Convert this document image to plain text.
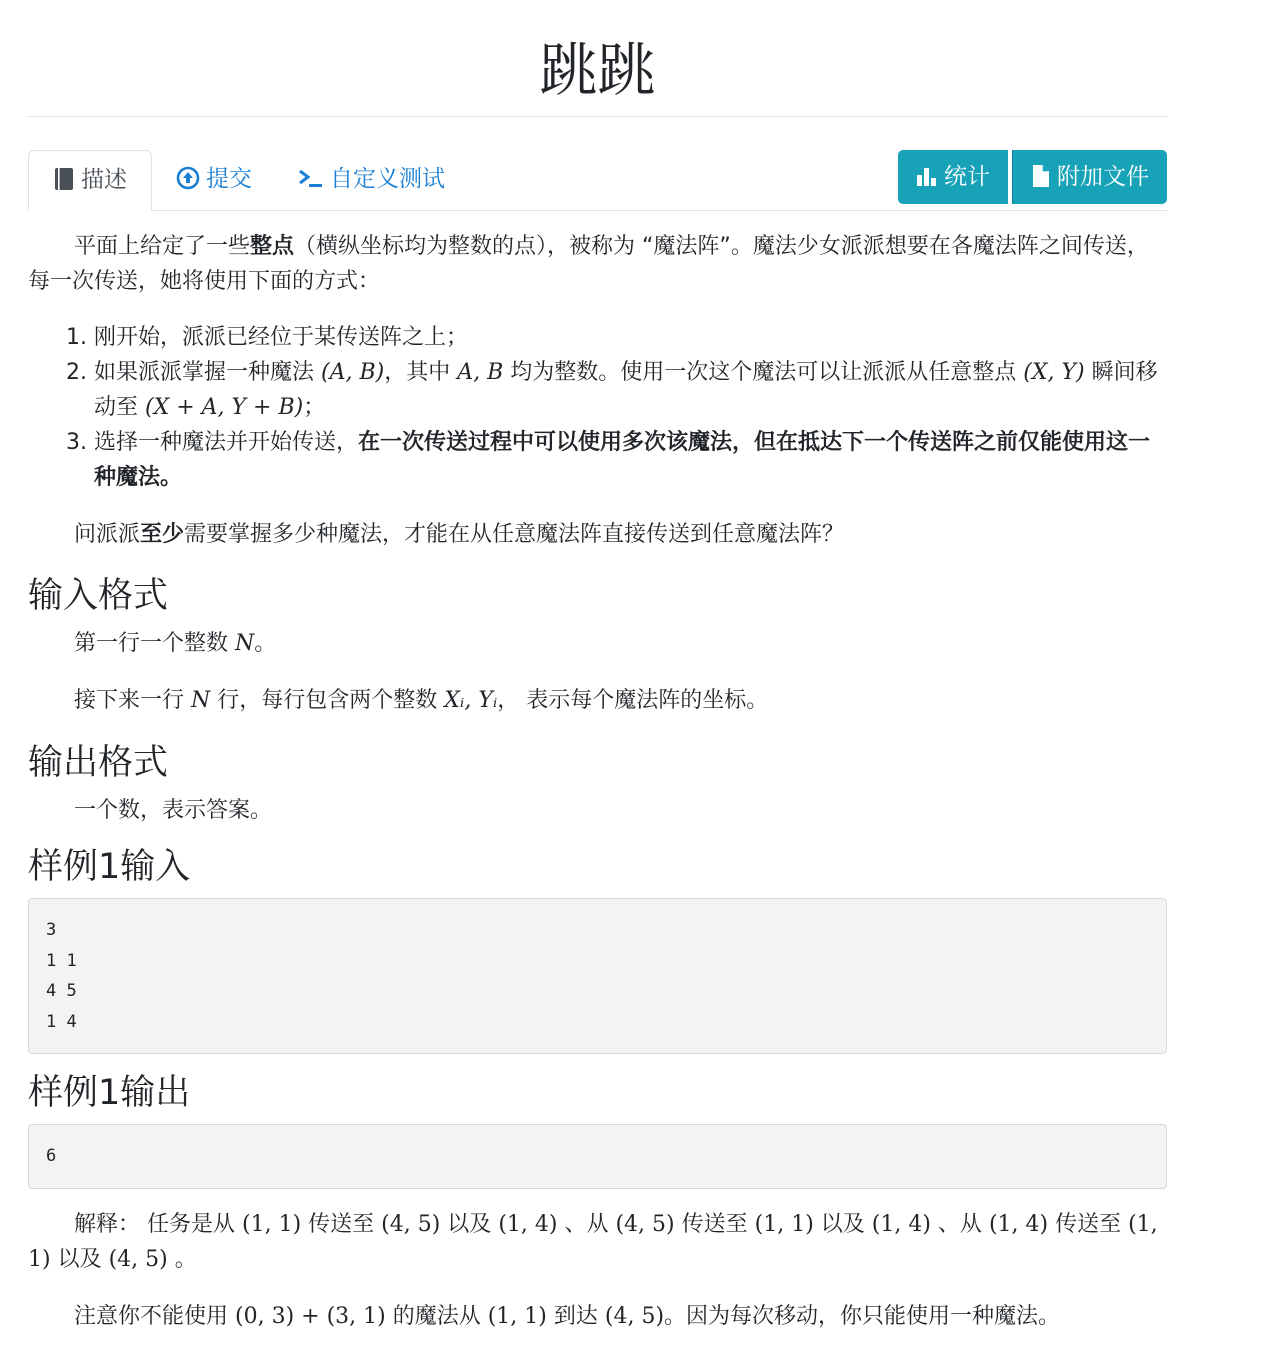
跳跳
描述	提交	自定义测试	统计	附加文件

平面上给定了一些整点（横纵坐标均为整数的点），被称为 “魔法阵”。魔法少女派派想要在各魔法阵之间传送，每一次传送，她将使用下面的方式：

1. 刚开始，派派已经位于某传送阵之上；
2. 如果派派掌握一种魔法 (A, B)，其中 A, B 均为整数。使用一次这个魔法可以让派派从任意整点 (X, Y) 瞬间移动至 (X + A, Y + B)；
3. 选择一种魔法并开始传送，在一次传送过程中可以使用多次该魔法，但在抵达下一个传送阵之前仅能使用这一种魔法。

问派派至少需要掌握多少种魔法，才能在从任意魔法阵直接传送到任意魔法阵？

输入格式

第一行一个整数 N。

接下来一行 N 行，每行包含两个整数 Xᵢ, Yᵢ， 表示每个魔法阵的坐标。

输出格式

一个数，表示答案。

样例1输入
3
1 1
4 5
1 4
样例1输出
6

解释： 任务是从 (1, 1) 传送至 (4, 5) 以及 (1, 4) 、从 (4, 5) 传送至 (1, 1) 以及 (1, 4) 、从 (1, 4) 传送至 (1, 1) 以及 (4, 5) 。

注意你不能使用 (0, 3) + (3, 1) 的魔法从 (1, 1) 到达 (4, 5)。因为每次移动，你只能使用一种魔法。
